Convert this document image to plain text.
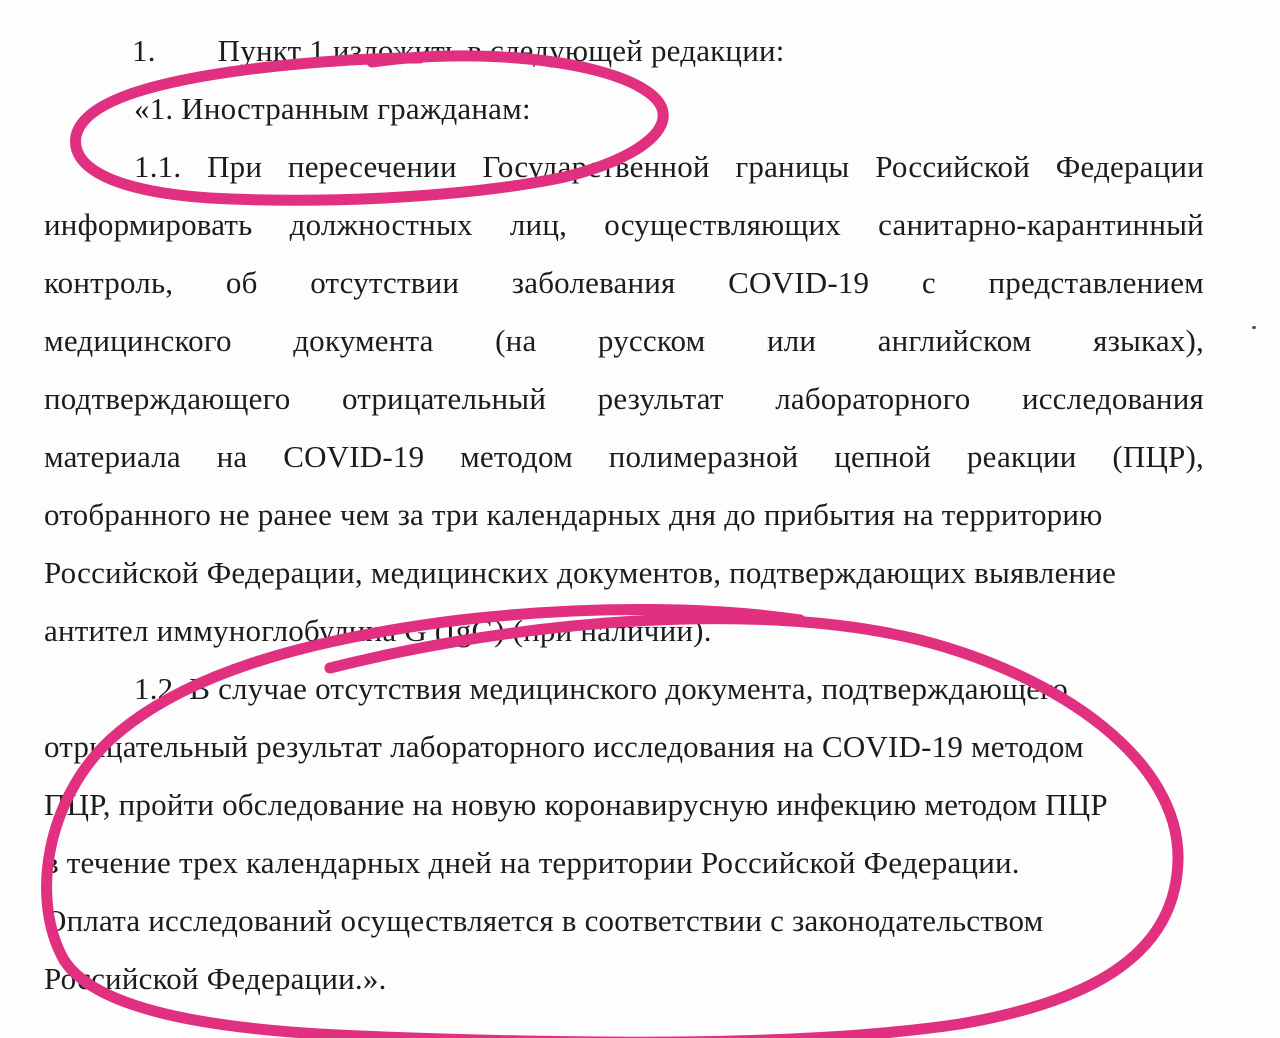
1. Пункт 1 изложить в следующей редакции:
«1. Иностранным гражданам:
1.1. При пересечении Государственной границы Российской Федерации
информировать должностных лиц, осуществляющих санитарно-карантинный
контроль, об отсутствии заболевания COVID-19 с представлением
медицинского документа (на русском или английском языках),
подтверждающего отрицательный результат лабораторного исследования
материала на COVID-19 методом полимеразной цепной реакции (ПЦР),
отобранного не ранее чем за три календарных дня до прибытия на территорию
Российской Федерации, медицинских документов, подтверждающих выявление
антител иммуноглобулина G (IgG) (при наличии).
1.2. В случае отсутствия медицинского документа, подтверждающего
отрицательный результат лабораторного исследования на COVID-19 методом
ПЦР, пройти обследование на новую коронавирусную инфекцию методом ПЦР
в течение трех календарных дней на территории Российской Федерации.
Оплата исследований осуществляется в соответствии с законодательством
Российской Федерации.».
